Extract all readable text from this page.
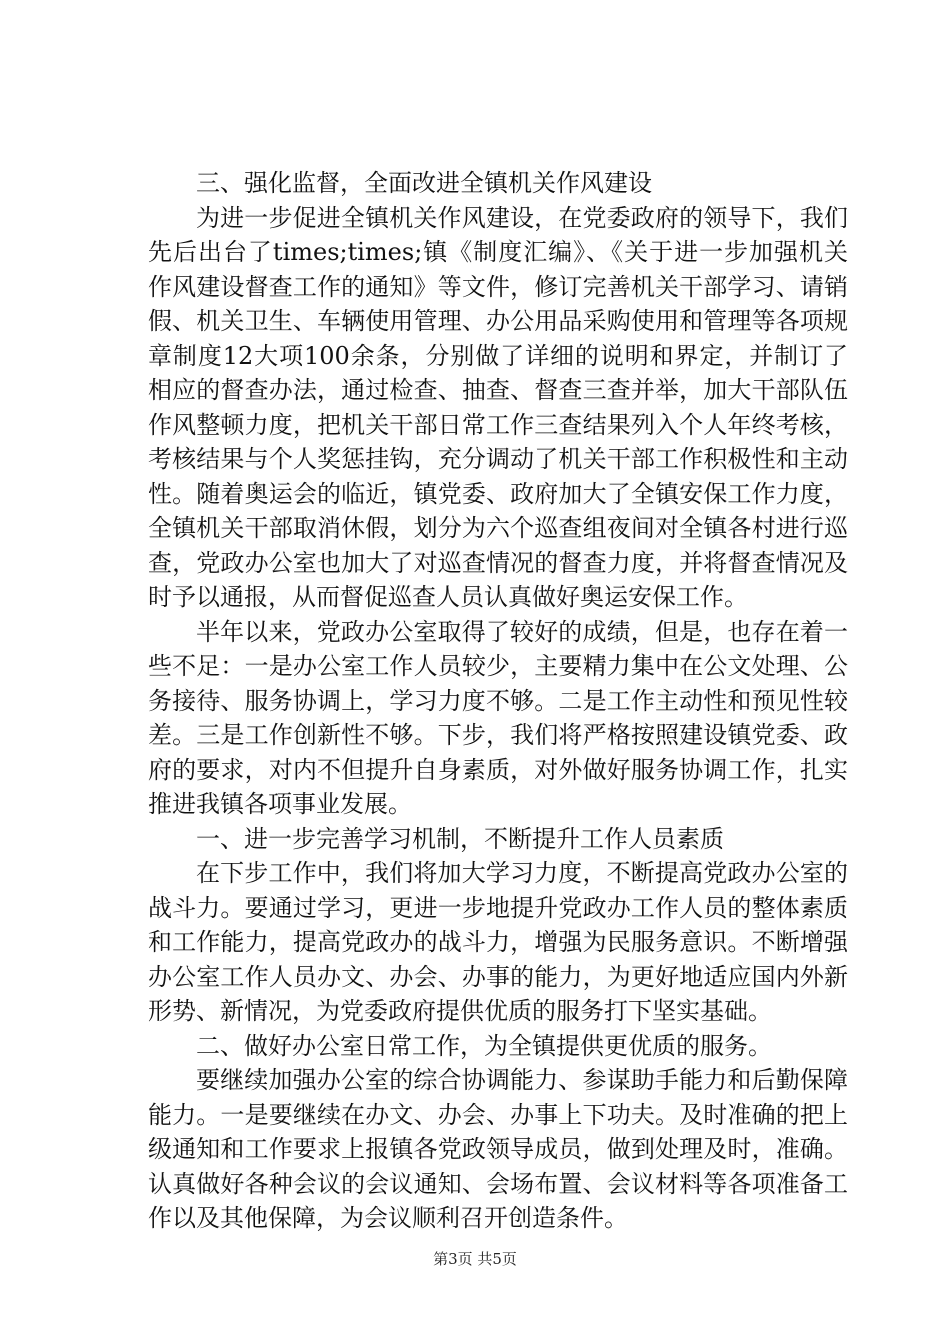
三、强化监督，全面改进全镇机关作风建设

为进一步促进全镇机关作风建设，在党委政府的领导下，我们先后出台了times;times;镇《制度汇编》、《关于进一步加强机关作风建设督查工作的通知》等文件，修订完善机关干部学习、请销假、机关卫生、车辆使用管理、办公用品采购使用和管理等各项规章制度12大项100余条，分别做了详细的说明和界定，并制订了相应的督查办法，通过检查、抽查、督查三查并举，加大干部队伍作风整顿力度，把机关干部日常工作三查结果列入个人年终考核，考核结果与个人奖惩挂钩，充分调动了机关干部工作积极性和主动性。随着奥运会的临近，镇党委、政府加大了全镇安保工作力度，全镇机关干部取消休假，划分为六个巡查组夜间对全镇各村进行巡查，党政办公室也加大了对巡查情况的督查力度，并将督查情况及时予以通报，从而督促巡查人员认真做好奥运安保工作。

半年以来，党政办公室取得了较好的成绩，但是，也存在着一些不足：一是办公室工作人员较少，主要精力集中在公文处理、公务接待、服务协调上，学习力度不够。二是工作主动性和预见性较差。三是工作创新性不够。下步，我们将严格按照建设镇党委、政府的要求，对内不但提升自身素质，对外做好服务协调工作，扎实推进我镇各项事业发展。

一、进一步完善学习机制，不断提升工作人员素质

在下步工作中，我们将加大学习力度，不断提高党政办公室的战斗力。要通过学习，更进一步地提升党政办工作人员的整体素质和工作能力，提高党政办的战斗力，增强为民服务意识。不断增强办公室工作人员办文、办会、办事的能力，为更好地适应国内外新形势、新情况，为党委政府提供优质的服务打下坚实基础。

二、做好办公室日常工作，为全镇提供更优质的服务。

要继续加强办公室的综合协调能力、参谋助手能力和后勤保障能力。一是要继续在办文、办会、办事上下功夫。及时准确的把上级通知和工作要求上报镇各党政领导成员，做到处理及时，准确。认真做好各种会议的会议通知、会场布置、会议材料等各项准备工作以及其他保障，为会议顺利召开创造条件。

第3页 共5页
